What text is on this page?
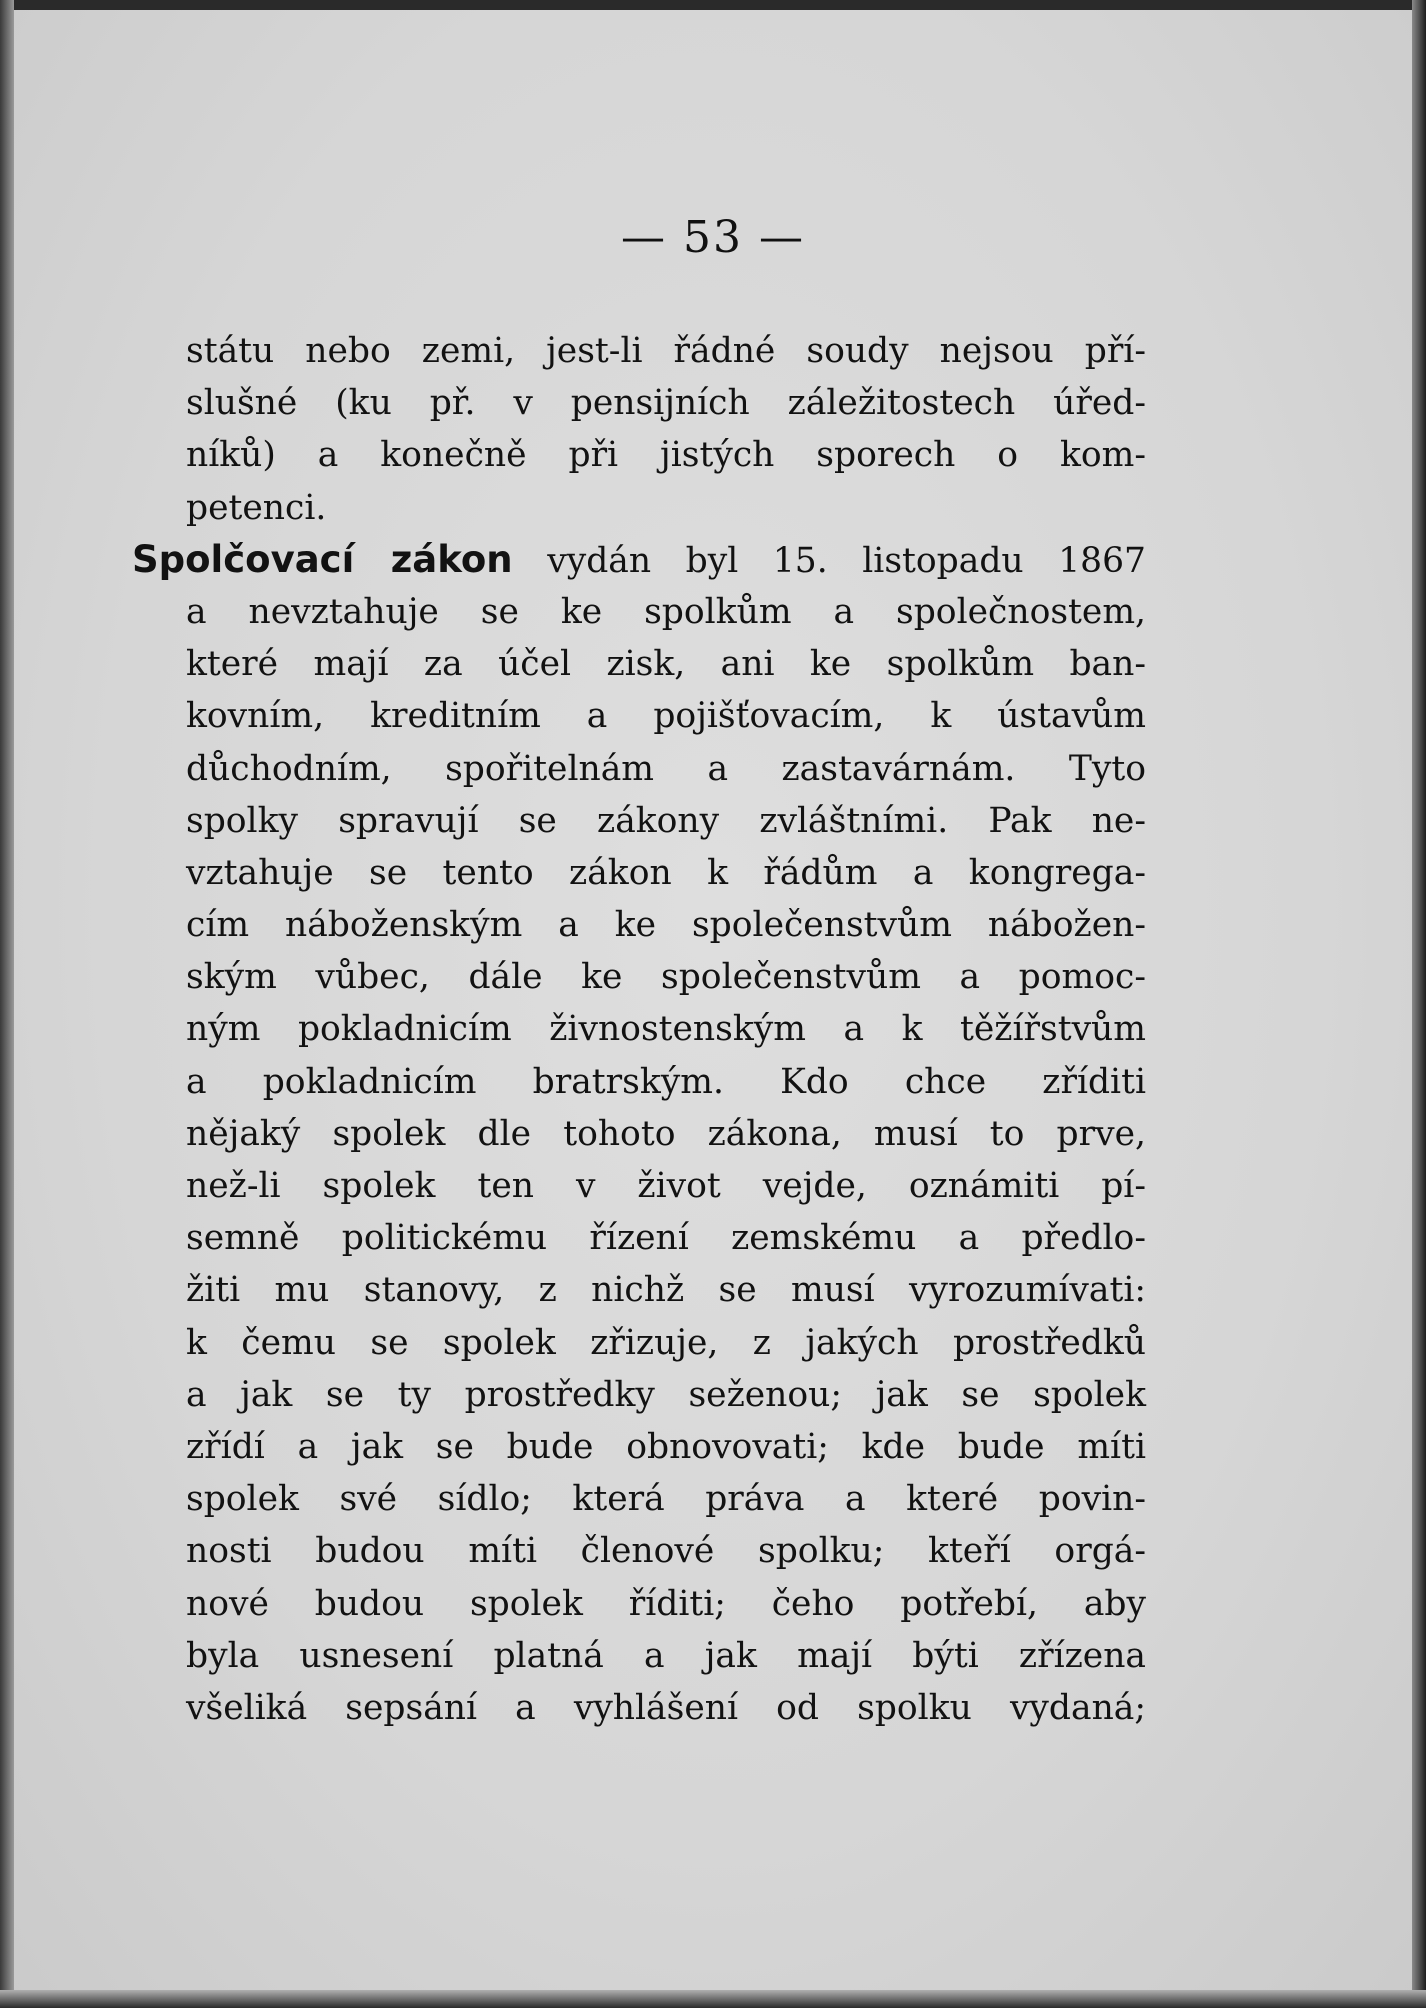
— 53 —
státu nebo zemi, jest-li řádné soudy nejsou pří-
slušné (ku př. v pensijních záležitostech úřed-
níků) a konečně při jistých sporech o kom-
petenci.
Spolčovací zákon vydán byl 15. listopadu 1867
a nevztahuje se ke spolkům a společnostem,
které mají za účel zisk, ani ke spolkům ban-
kovním, kreditním a pojišťovacím, k ústavům
důchodním, spořitelnám a zastavárnám. Tyto
spolky spravují se zákony zvláštními. Pak ne-
vztahuje se tento zákon k řádům a kongrega-
cím náboženským a ke společenstvům nábožen-
ským vůbec, dále ke společenstvům a pomoc-
ným pokladnicím živnostenským a k těžířstvům
a pokladnicím bratrským. Kdo chce zříditi
nějaký spolek dle tohoto zákona, musí to prve,
než-li spolek ten v život vejde, oznámiti pí-
semně politickému řízení zemskému a předlo-
žiti mu stanovy, z nichž se musí vyrozumívati:
k čemu se spolek zřizuje, z jakých prostředků
a jak se ty prostředky seženou; jak se spolek
zřídí a jak se bude obnovovati; kde bude míti
spolek své sídlo; která práva a které povin-
nosti budou míti členové spolku; kteří orgá-
nové budou spolek říditi; čeho potřebí, aby
byla usnesení platná a jak mají býti zřízena
všeliká sepsání a vyhlášení od spolku vydaná;
